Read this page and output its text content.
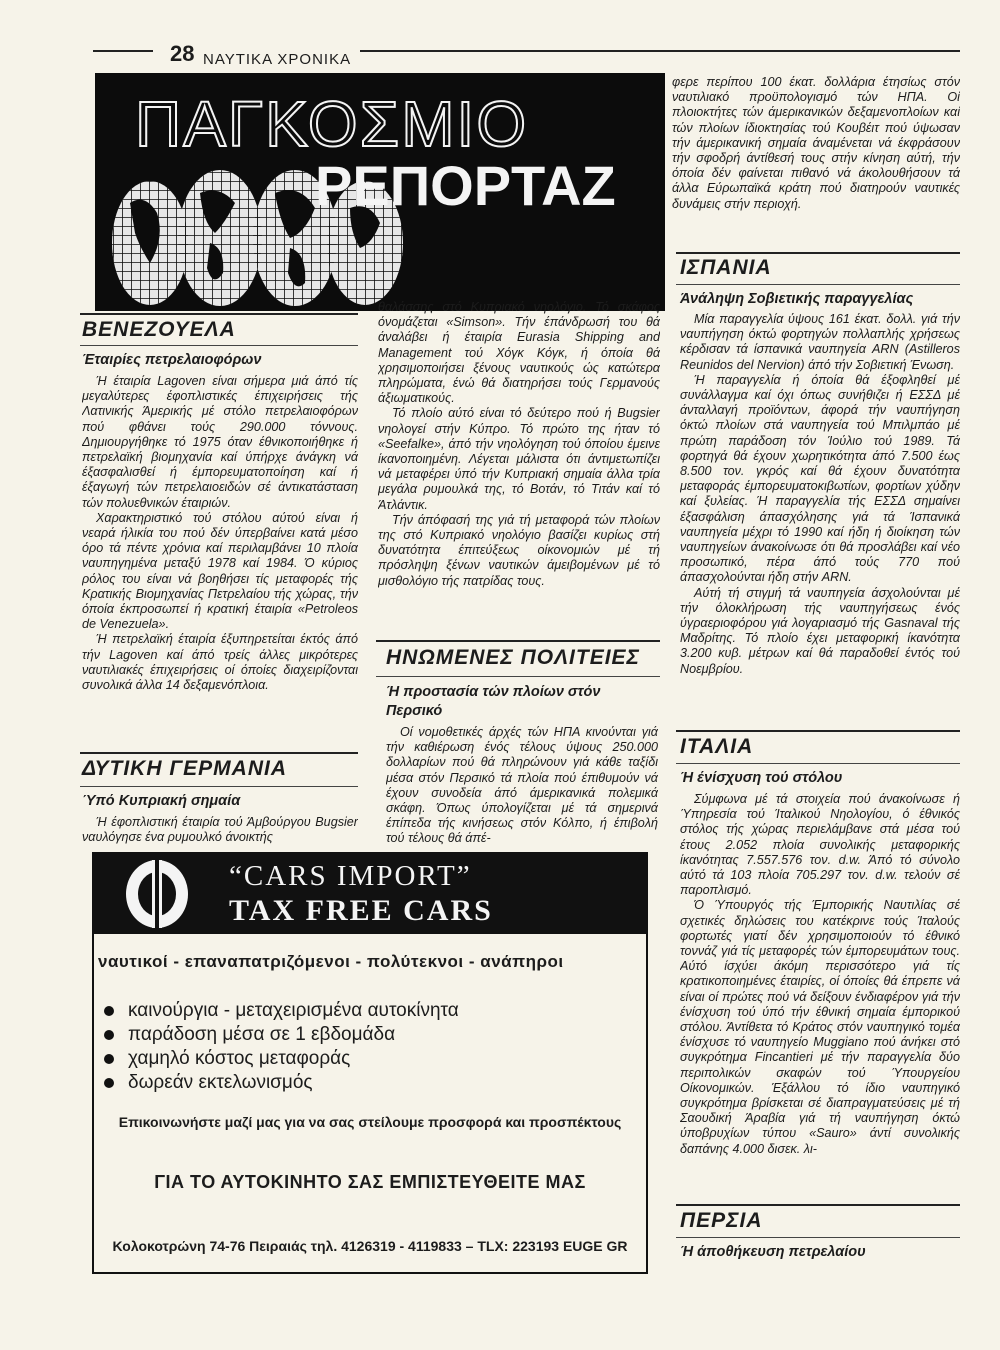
28 ΝΑΥΤΙΚΑ ΧΡΟΝΙΚΑ
ΠΑΓΚΟΣΜΙΟ
ΡΕΠΟΡΤΑΖ
ΒΕΝΕΖΟΥΕΛΑ
Έταιρίες πετρελαιοφόρων

Ή έταιρία Lagoven είναι σήμερα μιά άπό τίς μεγαλύτερες έφοπλιστικές έπιχειρήσεις τής Λατινικής Άμερικής μέ στόλο πετρελαιοφόρων πού φθάνει τούς 290.000 τόννους. Δημιουργήθηκε τό 1975 όταν έθνικοποιήθηκε ή πετρελαϊκή βιομηχανία καί ύπήρχε άνάγκη νά έξασφαλισθεί ή έμπορευματοποίηση καί ή έξαγωγή τών πετρελαιοειδών σέ άντικατάσταση τών πολυεθνικών έταιριών.

Χαρακτηριστικό τού στόλου αύτού είναι ή νεαρά ήλικία του πού δέν ύπερβαίνει κατά μέσο όρο τά πέντε χρόνια καί περιλαμβάνει 10 πλοία ναυπηγημένα μεταξύ 1978 καί 1984. Ό κύριος ρόλος του είναι νά βοηθήσει τίς μεταφορές τής Κρατικής Βιομηχανίας Πετρελαίου τής χώρας, τήν όποία έκπροσωπεί ή κρατική έταιρία «Petroleos de Venezuela».

Ή πετρελαϊκή έταιρία έξυπηρετείται έκτός άπό τήν Lagoven καί άπό τρείς άλλες μικρότερες ναυτιλιακές έπιχειρήσεις οί όποίες διαχειρίζονται συνολικά άλλα 14 δεξαμενόπλοια.

ΔΥΤΙΚΗ ΓΕΡΜΑΝΙΑ
Ύπό Κυπριακή σημαία

Ή έφοπλιστική έταιρία τού Άμβούργου Bugsier ναυλόγησε ένα ρυμουλκό άνοικτής

θαλάσσης στό Κυπριακό νηολόγιο. Τό σκάφος όνομάζεται «Simson». Τήν έπάνδρωσή του θά άναλάβει ή έταιρία Eurasia Shipping and Management τού Χόγκ Κόγκ, ή όποία θά χρησιμοποιήσει ξένους ναυτικούς ώς κατώτερα πληρώματα, ένώ θά διατηρήσει τούς Γερμανούς άξιωματικούς.

Τό πλοίο αύτό είναι τό δεύτερο πού ή Bugsier νηολογεί στήν Κύπρο. Τό πρώτο της ήταν τό «Seefalke», άπό τήν νηολόγηση τού όποίου έμεινε ίκανοποιημένη. Λέγεται μάλιστα ότι άντιμετωπίζει νά μεταφέρει ύπό τήν Κυπριακή σημαία άλλα τρία μεγάλα ρυμουλκά της, τό Βοτάν, τό Τιτάν καί τό Άτλάντικ.

Τήν άπόφασή της γιά τή μεταφορά τών πλοίων της στό Κυπριακό νηολόγιο βασίζει κυρίως στή δυνατότητα έπιτεύξεως οίκονομιών μέ τή πρόσληψη ξένων ναυτικών άμειβομένων μέ τό μισθολόγιο τής πατρίδας τους.

ΗΝΩΜΕΝΕΣ ΠΟΛΙΤΕΙΕΣ
Ή προστασία τών πλοίων στόν Περσικό

Οί νομοθετικές άρχές τών ΗΠΑ κινούνται γιά τήν καθιέρωση ένός τέλους ύψους 250.000 δολλαρίων πού θά πληρώνουν γιά κάθε ταξίδι μέσα στόν Περσικό τά πλοία πού έπιθυμούν νά έχουν συνοδεία άπό άμερικανικά πολεμικά σκάφη. Όπως ύπολογίζεται μέ τά σημερινά έπίπεδα τής κινήσεως στόν Κόλπο, ή έπιβολή τού τέλους θά άπέ-

φερε περίπου 100 έκατ. δολλάρια έτησίως στόν ναυτιλιακό προϋπολογισμό τών ΗΠΑ. Οί πλοιοκτήτες τών άμερικανικών δεξαμενοπλοίων καί τών πλοίων ίδιοκτησίας τού Κουβέιτ πού ύψωσαν τήν άμερικανική σημαία άναμένεται νά έκφράσουν τήν σφοδρή άντίθεσή τους στήν κίνηση αύτή, τήν όποία δέν φαίνεται πιθανό νά άκολουθήσουν τά άλλα Εύρωπαϊκά κράτη πού διατηρούν ναυτικές δυνάμεις στήν περιοχή.

ΙΣΠΑΝΙΑ
Άνάληψη Σοβιετικής παραγγελίας

Μία παραγγελία ύψους 161 έκατ. δολλ. γιά τήν ναυπήγηση όκτώ φορτηγών πολλαπλής χρήσεως κέρδισαν τά ίσπανικά ναυπηγεία ARN (Astilleros Reunidos del Nervion) άπό τήν Σοβιετική Ένωση.

Ή παραγγελία ή όποία θά έξοφληθεί μέ συνάλλαγμα καί όχι όπως συνήθιζει ή ΕΣΣΔ μέ άνταλλαγή προϊόντων, άφορά τήν ναυπήγηση όκτώ πλοίων στά ναυπηγεία τού Μπιλμπάο μέ πρώτη παράδοση τόν Ίούλιο τού 1989. Τά φορτηγά θά έχουν χωρητικότητα άπό 7.500 έως 8.500 τον. γκρός καί θά έχουν δυνατότητα μεταφοράς έμπορευματοκιβωτίων, φορτίων χύδην καί ξυλείας. Ή παραγγελία τής ΕΣΣΔ σημαίνει έξασφάλιση άπασχόλησης γιά τά Ίσπανικά ναυπηγεία μέχρι τό 1990 καί ήδη ή διοίκηση τών ναυπηγείων άνακοίνωσε ότι θά προσλάβει καί νέο προσωπικό, πέρα άπό τούς 770 πού άπασχολούνται ήδη στήν ARN.

Αύτή τή στιγμή τά ναυπηγεία άσχολούνται μέ τήν όλοκλήρωση τής ναυπηγήσεως ένός ύγραεριοφόρου γιά λογαριασμό τής Gasnaval τής Μαδρίτης. Τό πλοίο έχει μεταφορική ίκανότητα 3.200 κυβ. μέτρων καί θά παραδοθεί έντός τού Νοεμβρίου.

ΙΤΑΛΙΑ
Ή ένίσχυση τού στόλου

Σύμφωνα μέ τά στοιχεία πού άνακοίνωσε ή Ύπηρεσία τού Ίταλικού Νηολογίου, ό έθνικός στόλος τής χώρας περιελάμβανε στά μέσα τού έτους 2.052 πλοία συνολικής μεταφορικής ίκανότητας 7.557.576 τον. d.w. Άπό τό σύνολο αύτό τά 103 πλοία 705.297 τον. d.w. τελούν σέ παροπλισμό.

Ό Ύπουργός τής Έμπορικής Ναυτιλίας σέ σχετικές δηλώσεις του κατέκρινε τούς Ίταλούς φορτωτές γιατί δέν χρησιμοποιούν τό έθνικό τοννάζ γιά τίς μεταφορές τών έμπορευμάτων τους. Αύτό ίσχύει άκόμη περισσότερο γιά τίς κρατικοποιημένες έταιρίες, οί όποίες θά έπρεπε νά είναι οί πρώτες πού νά δείξουν ένδιαφέρον γιά τήν ένίσχυση τού ύπό τήν έθνική σημαία έμπορικού στόλου. Άντίθετα τό Κράτος στόν ναυπηγικό τομέα ένίσχυσε τό ναυπηγείο Muggiano πού άνήκει στό συγκρότημα Fincantieri μέ τήν παραγγελία δύο περιπολικών σκαφών τού Ύπουργείου Οίκονομικών. Έξάλλου τό ίδιο ναυπηγικό συγκρότημα βρίσκεται σέ διαπραγματεύσεις μέ τή Σαουδική Άραβία γιά τή ναυπήγηση όκτώ ύποβρυχίων τύπου «Sauro» άντί συνολικής δαπάνης 4.000 δισεκ. λι-

ΠΕΡΣΙΑ
Ή άποθήκευση πετρελαίου
“CARS IMPORT”
TAX FREE CARS
ναυτικοί - επαναπατριζόμενοι - πολύτεκνοι - ανάπηροι
καινούργια - μεταχειρισμένα αυτοκίνητα
παράδοση μέσα σε 1 εβδομάδα
χαμηλό κόστος μεταφοράς
δωρεάν εκτελωνισμός
Επικοινωνήστε μαζί μας για να σας στείλουμε προσφορά και προσπέκτους
ΓΙΑ ΤΟ ΑΥΤΟΚΙΝΗΤΟ ΣΑΣ ΕΜΠΙΣΤΕΥΘΕΙΤΕ ΜΑΣ
Κολοκοτρώνη 74-76 Πειραιάς τηλ. 4126319 - 4119833 – TLX: 223193 EUGE GR
